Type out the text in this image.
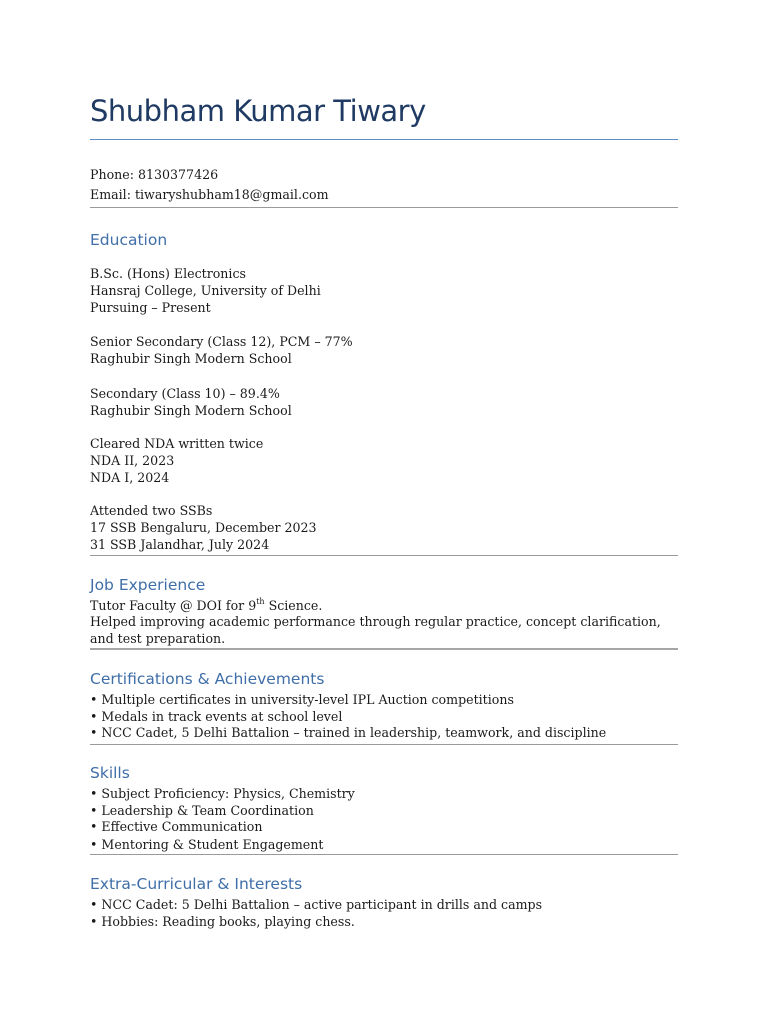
Shubham Kumar Tiwary
Phone: 8130377426
Email: tiwaryshubham18@gmail.com
Education
B.Sc. (Hons) Electronics
Hansraj College, University of Delhi
Pursuing – Present
Senior Secondary (Class 12), PCM – 77%
Raghubir Singh Modern School
Secondary (Class 10) – 89.4%
Raghubir Singh Modern School
Cleared NDA written twice
NDA II, 2023
NDA I, 2024
Attended two SSBs
17 SSB Bengaluru, December 2023
31 SSB Jalandhar, July 2024
Job Experience
Tutor Faculty @ DOI for 9th Science.
Helped improving academic performance through regular practice, concept clarification, and test preparation.
Certifications & Achievements
• Multiple certificates in university-level IPL Auction competitions
• Medals in track events at school level
• NCC Cadet, 5 Delhi Battalion – trained in leadership, teamwork, and discipline
Skills
• Subject Proficiency: Physics, Chemistry
• Leadership & Team Coordination
• Effective Communication
• Mentoring & Student Engagement
Extra-Curricular & Interests
• NCC Cadet: 5 Delhi Battalion – active participant in drills and camps
• Hobbies: Reading books, playing chess.
